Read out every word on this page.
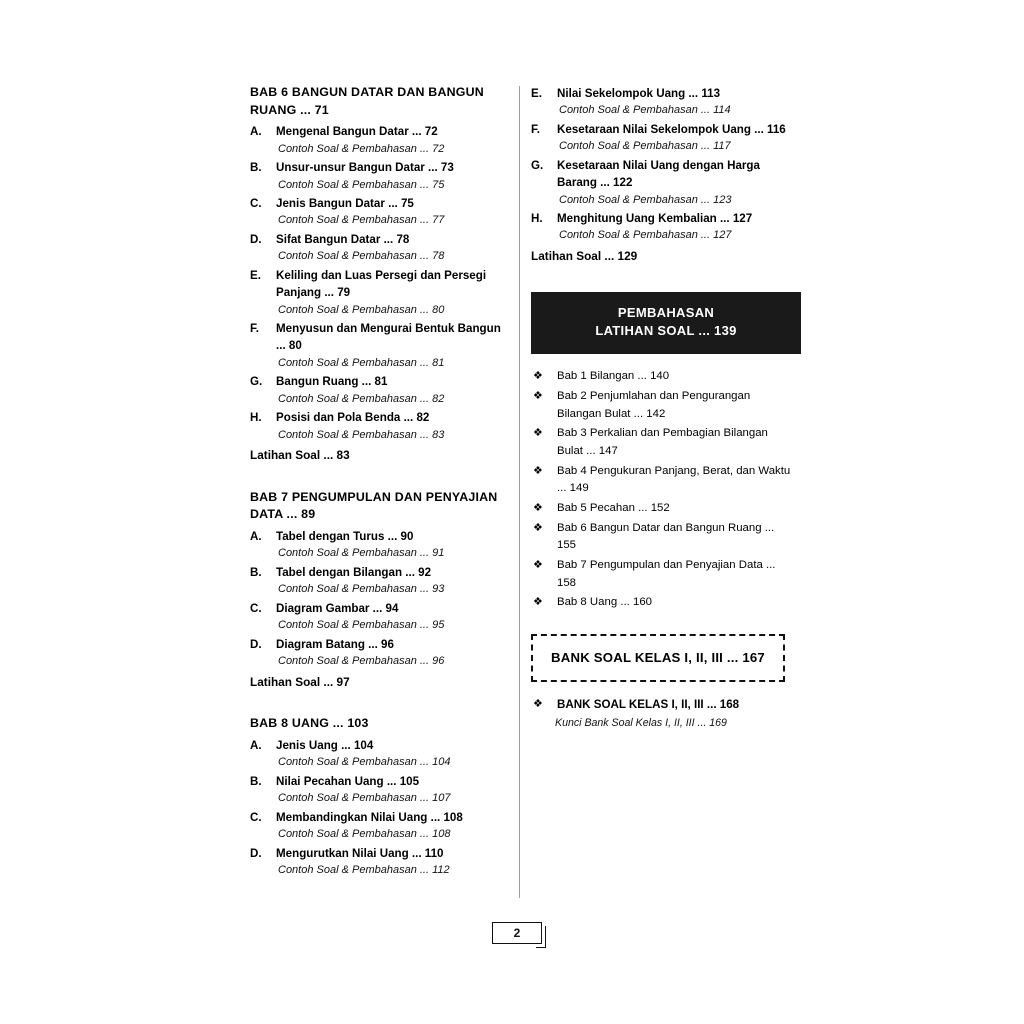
BAB 6 BANGUN DATAR DAN BANGUN RUANG ... 71
A.	Mengenal Bangun Datar ... 72
Contoh Soal & Pembahasan ... 72
B.	Unsur-unsur Bangun Datar ... 73
Contoh Soal & Pembahasan ... 75
C.	Jenis Bangun Datar ... 75
Contoh Soal & Pembahasan ... 77
D.	Sifat Bangun Datar ... 78
Contoh Soal & Pembahasan ... 78
E.	Keliling dan Luas Persegi dan Persegi Panjang ... 79
Contoh Soal & Pembahasan ... 80
F.	Menyusun dan Mengurai Bentuk Bangun ... 80
Contoh Soal & Pembahasan ... 81
G.	Bangun Ruang ... 81
Contoh Soal & Pembahasan ... 82
H.	Posisi dan Pola Benda ... 82
Contoh Soal & Pembahasan ... 83
Latihan Soal ... 83
BAB 7 PENGUMPULAN DAN PENYAJIAN DATA ... 89
A.	Tabel dengan Turus ... 90
Contoh Soal & Pembahasan ... 91
B.	Tabel dengan Bilangan ... 92
Contoh Soal & Pembahasan ... 93
C.	Diagram Gambar ... 94
Contoh Soal & Pembahasan ... 95
D.	Diagram Batang ... 96
Contoh Soal & Pembahasan ... 96
Latihan Soal ... 97
BAB 8 UANG ... 103
A.	Jenis Uang ... 104
Contoh Soal & Pembahasan ... 104
B.	Nilai Pecahan Uang ... 105
Contoh Soal & Pembahasan ... 107
C.	Membandingkan Nilai Uang ... 108
Contoh Soal & Pembahasan ... 108
D.	Mengurutkan Nilai Uang ... 110
Contoh Soal & Pembahasan ... 112
E.	Nilai Sekelompok Uang ... 113
Contoh Soal & Pembahasan ... 114
F.	Kesetaraan Nilai Sekelompok Uang ... 116
Contoh Soal & Pembahasan ... 117
G.	Kesetaraan Nilai Uang dengan Harga Barang ... 122
Contoh Soal & Pembahasan ... 123
H.	Menghitung Uang Kembalian ... 127
Contoh Soal & Pembahasan ... 127
Latihan Soal ... 129
PEMBAHASAN
LATIHAN SOAL ... 139
❖	Bab 1 Bilangan ... 140
❖	Bab 2 Penjumlahan dan Pengurangan Bilangan Bulat ... 142
❖	Bab 3 Perkalian dan Pembagian Bilangan Bulat ... 147
❖	Bab 4 Pengukuran Panjang, Berat, dan Waktu ... 149
❖	Bab 5 Pecahan ... 152
❖	Bab 6 Bangun Datar dan Bangun Ruang ... 155
❖	Bab 7 Pengumpulan dan Penyajian Data ... 158
❖	Bab 8 Uang ... 160
BANK SOAL KELAS I, II, III ... 167
❖	BANK SOAL KELAS I, II, III ... 168
Kunci Bank Soal Kelas I, II, III ... 169
2
